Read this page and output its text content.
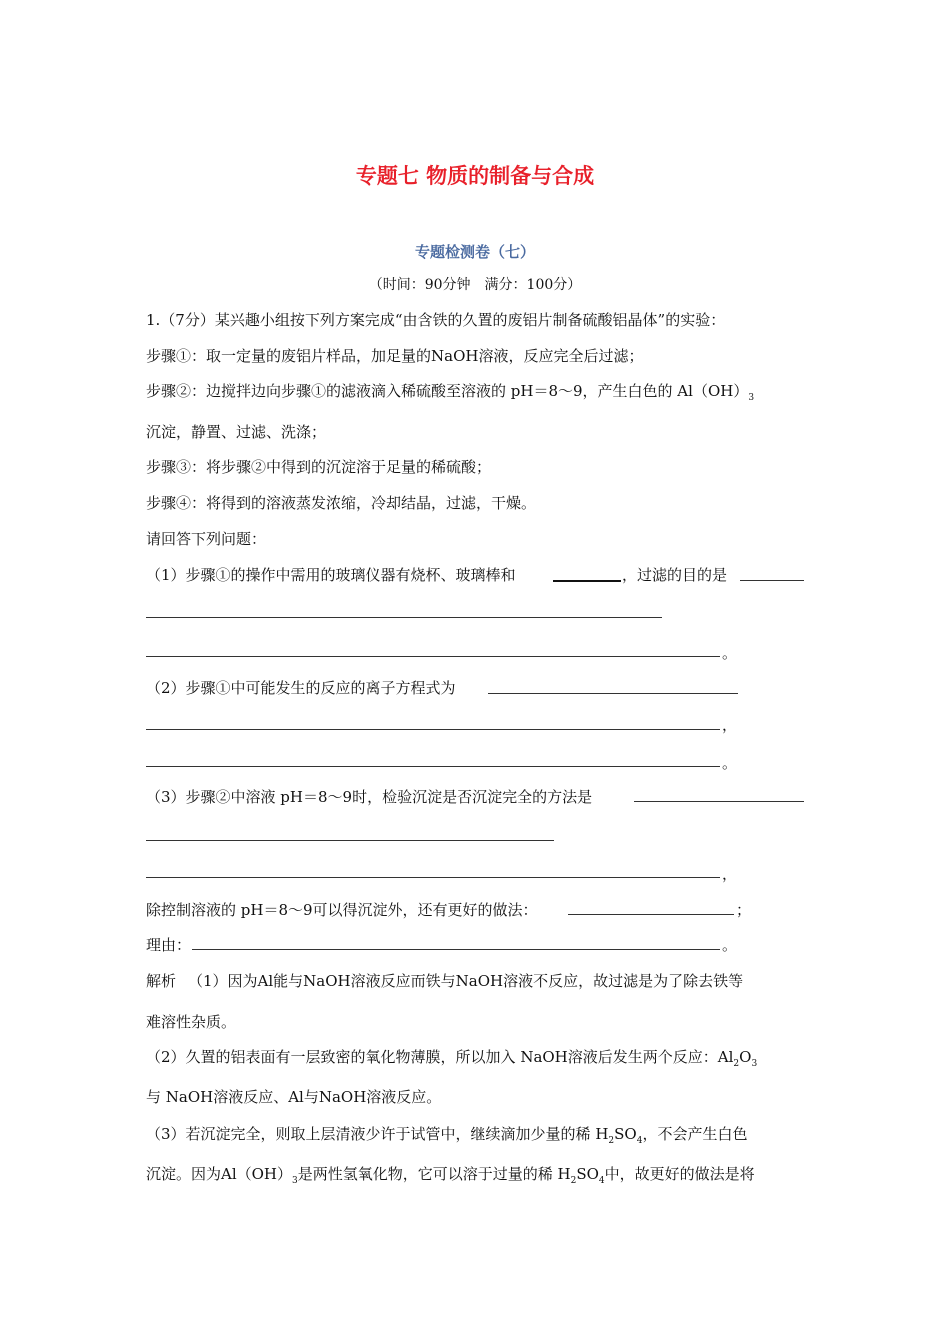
专题七 物质的制备与合成
专题检测卷（七）
（时间：90分钟　满分：100分）
1.（7分）某兴趣小组按下列方案完成“由含铁的久置的废铝片制备硫酸铝晶体”的实验：
步骤①：取一定量的废铝片样品，加足量的NaOH溶液，反应完全后过滤；
步骤②：边搅拌边向步骤①的滤液滴入稀硫酸至溶液的 pH＝8～9，产生白色的 $Al(OH)_3$
沉淀，静置、过滤、洗涤；
步骤③：将步骤②中得到的沉淀溶于足量的稀硫酸；
步骤④：将得到的溶液蒸发浓缩，冷却结晶，过滤，干燥。
请回答下列问题：
（1）步骤①的操作中需用的玻璃仪器有烧杯、玻璃棒和	，过滤的目的是
。
（2）步骤①中可能发生的反应的离子方程式为
，
。
（3）步骤②中溶液 pH＝8～9时，检验沉淀是否沉淀完全的方法是
，
除控制溶液的 pH＝8～9可以得沉淀外，还有更好的做法：	；
理由：	。
解析 （1）因为Al能与NaOH溶液反应而铁与NaOH溶液不反应，故过滤是为了除去铁等
难溶性杂质。
（2）久置的铝表面有一层致密的氧化物薄膜，所以加入 NaOH溶液后发生两个反应：$Al_2O_3$
与 NaOH溶液反应、Al与NaOH溶液反应。
（3）若沉淀完全，则取上层清液少许于试管中，继续滴加少量的稀 $H_2SO_4$，不会产生白色
沉淀。因为$Al(OH)_3$是两性氢氧化物，它可以溶于过量的稀 $H_2SO_4$中，故更好的做法是将
